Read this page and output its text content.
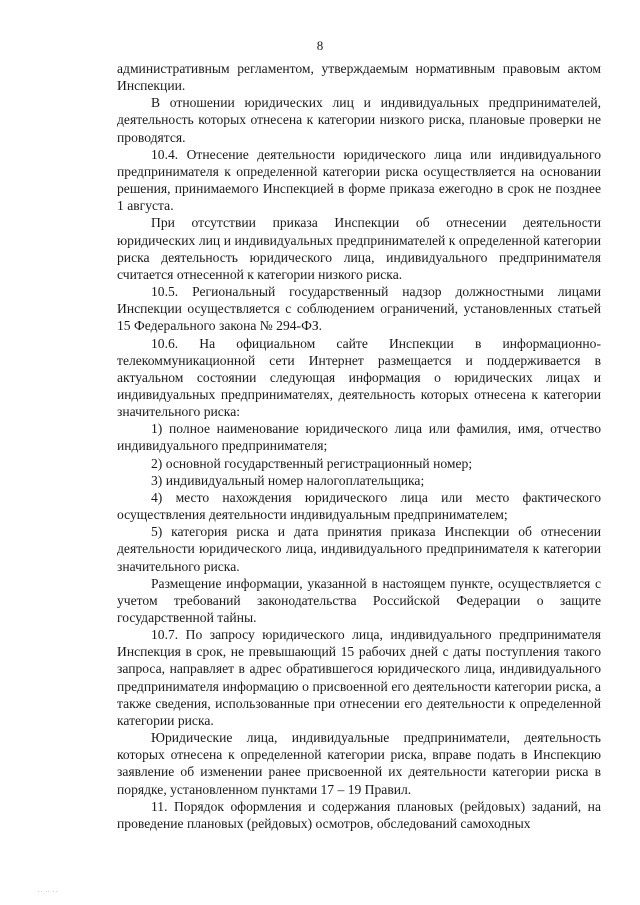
8

административным регламентом, утверждаемым нормативным правовым актом Инспекции.

В отношении юридических лиц и индивидуальных предпринимателей, деятельность которых отнесена к категории низкого риска, плановые проверки не проводятся.

10.4. Отнесение деятельности юридического лица или индивидуального предпринимателя к определенной категории риска осуществляется на основании решения, принимаемого Инспекцией в форме приказа ежегодно в срок не позднее 1 августа.

При отсутствии приказа Инспекции об отнесении деятельности юридических лиц и индивидуальных предпринимателей к определенной категории риска деятельность юридического лица, индивидуального предпринимателя считается отнесенной к категории низкого риска.

10.5. Региональный государственный надзор должностными лицами Инспекции осуществляется с соблюдением ограничений, установленных статьей 15 Федерального закона № 294-ФЗ.

10.6. На официальном сайте Инспекции в информационно-телекоммуникационной сети Интернет размещается и поддерживается в актуальном состоянии следующая информация о юридических лицах и индивидуальных предпринимателях, деятельность которых отнесена к категории значительного риска:

1) полное наименование юридического лица или фамилия, имя, отчество индивидуального предпринимателя;

2) основной государственный регистрационный номер;

3) индивидуальный номер налогоплательщика;

4) место нахождения юридического лица или место фактического осуществления деятельности индивидуальным предпринимателем;

5) категория риска и дата принятия приказа Инспекции об отнесении деятельности юридического лица, индивидуального предпринимателя к категории значительного риска.

Размещение информации, указанной в настоящем пункте, осуществляется с учетом требований законодательства Российской Федерации о защите государственной тайны.

10.7. По запросу юридического лица, индивидуального предпринимателя Инспекция в срок, не превышающий 15 рабочих дней с даты поступления такого запроса, направляет в адрес обратившегося юридического лица, индивидуального предпринимателя информацию о присвоенной его деятельности категории риска, а также сведения, использованные при отнесении его деятельности к определенной категории риска.

Юридические лица, индивидуальные предприниматели, деятельность которых отнесена к определенной категории риска, вправе подать в Инспекцию заявление об изменении ранее присвоенной их деятельности категории риска в порядке, установленном пунктами 17 – 19 Правил.

11. Порядок оформления и содержания плановых (рейдовых) заданий, на проведение плановых (рейдовых) осмотров, обследований самоходных

.. .. ..
